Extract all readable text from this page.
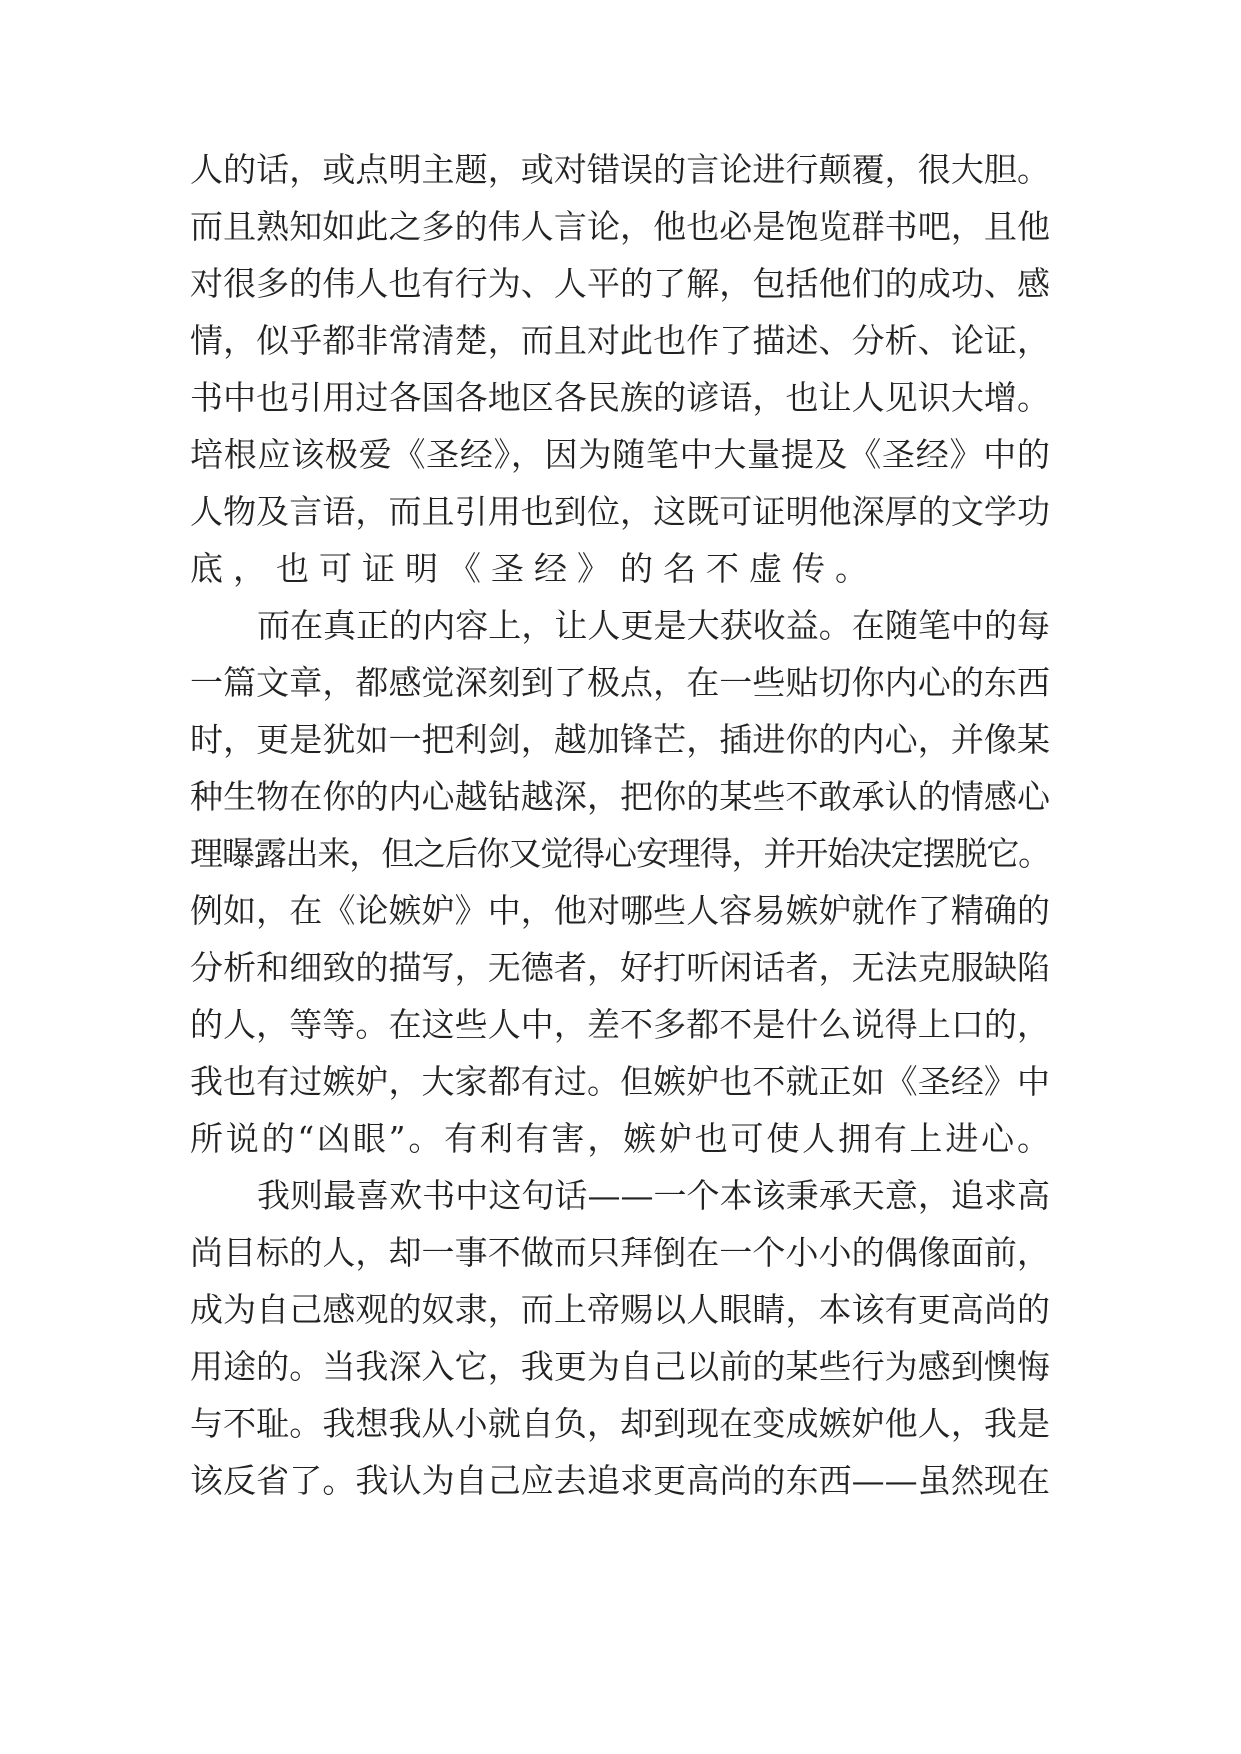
人的话，或点明主题，或对错误的言论进行颠覆，很大胆。
而且熟知如此之多的伟人言论，他也必是饱览群书吧，且他
对很多的伟人也有行为、人平的了解，包括他们的成功、感
情，似乎都非常清楚，而且对此也作了描述、分析、论证，
书中也引用过各国各地区各民族的谚语，也让人见识大增。
培根应该极爱《圣经》，因为随笔中大量提及《圣经》中的
人物及言语，而且引用也到位，这既可证明他深厚的文学功
底，也可证明《圣经》的名不虚传。
而在真正的内容上，让人更是大获收益。在随笔中的每
一篇文章，都感觉深刻到了极点，在一些贴切你内心的东西
时，更是犹如一把利剑，越加锋芒，插进你的内心，并像某
种生物在你的内心越钻越深，把你的某些不敢承认的情感心
理曝露出来，但之后你又觉得心安理得，并开始决定摆脱它。
例如，在《论嫉妒》中，他对哪些人容易嫉妒就作了精确的
分析和细致的描写，无德者，好打听闲话者，无法克服缺陷
的人，等等。在这些人中，差不多都不是什么说得上口的，
我也有过嫉妒，大家都有过。但嫉妒也不就正如《圣经》中
所说的“凶眼”。有利有害，嫉妒也可使人拥有上进心。
我则最喜欢书中这句话——一个本该秉承天意，追求高
尚目标的人，却一事不做而只拜倒在一个小小的偶像面前，
成为自己感观的奴隶，而上帝赐以人眼睛，本该有更高尚的
用途的。当我深入它，我更为自己以前的某些行为感到懊悔
与不耻。我想我从小就自负，却到现在变成嫉妒他人，我是
该反省了。我认为自己应去追求更高尚的东西——虽然现在
